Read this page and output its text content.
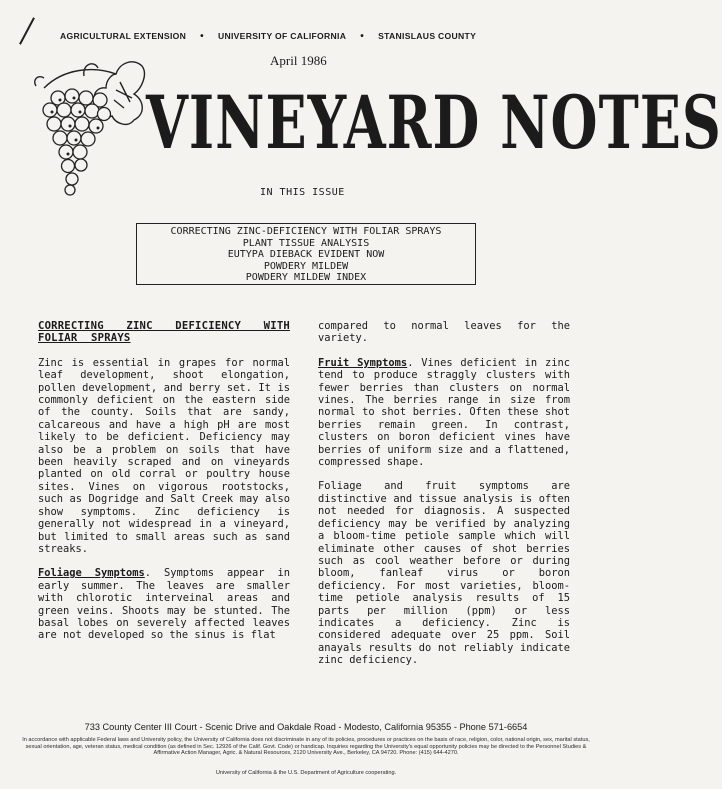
AGRICULTURAL EXTENSION • UNIVERSITY OF CALIFORNIA • STANISLAUS COUNTY
April 1986
VINEYARD NOTES
IN THIS ISSUE
CORRECTING ZINC-DEFICIENCY WITH FOLIAR SPRAYS
PLANT TISSUE ANALYSIS
EUTYPA DIEBACK EVIDENT NOW
POWDERY MILDEW
POWDERY MILDEW INDEX

CORRECTING ZINC DEFICIENCY WITH FOLIAR SPRAYS

Zinc is essential in grapes for normal leaf development, shoot elongation, pollen development, and berry set. It is commonly deficient on the eastern side of the county. Soils that are sandy, calcareous and have a high pH are most likely to be deficient. Deficiency may also be a problem on soils that have been heavily scraped and on vineyards planted on old corral or poultry house sites. Vines on vigorous rootstocks, such as Dogridge and Salt Creek may also show symptoms. Zinc deficiency is generally not widespread in a vineyard, but limited to small areas such as sand streaks.

Foliage Symptoms. Symptoms appear in early summer. The leaves are smaller with chlorotic interveinal areas and green veins. Shoots may be stunted. The basal lobes on severely affected leaves are not developed so the sinus is flat

compared to normal leaves for the variety.

Fruit Symptoms. Vines deficient in zinc tend to produce straggly clusters with fewer berries than clusters on normal vines. The berries range in size from normal to shot berries. Often these shot berries remain green. In contrast, clusters on boron deficient vines have berries of uniform size and a flattened, compressed shape.

Foliage and fruit symptoms are distinctive and tissue analysis is often not needed for diagnosis. A suspected deficiency may be verified by analyzing a bloom-time petiole sample which will eliminate other causes of shot berries such as cool weather before or during bloom, fanleaf virus or boron deficiency. For most varieties, bloom-time petiole analysis results of 15 parts per million (ppm) or less indicates a deficiency. Zinc is considered adequate over 25 ppm. Soil anayals results do not reliably indicate zinc deficiency.

733 County Center III Court - Scenic Drive and Oakdale Road - Modesto, California 95355 - Phone 571-6654
In accordance with applicable Federal laws and University policy, the University of California does not discriminate in any of its policies, procedures or practices on the basis of race, religion, color, national origin, sex, marital status, sexual orientation, age, veteran status, medical condition (as defined in Sec. 12926 of the Calif. Govt. Code) or handicap. Inquiries regarding the University's equal opportunity policies may be directed to the Personnel Studies & Affirmative Action Manager, Agric. & Natural Resources, 2120 University Ave., Berkeley, CA 94720. Phone: (415) 644-4270.
University of California & the U.S. Department of Agriculture cooperating.
